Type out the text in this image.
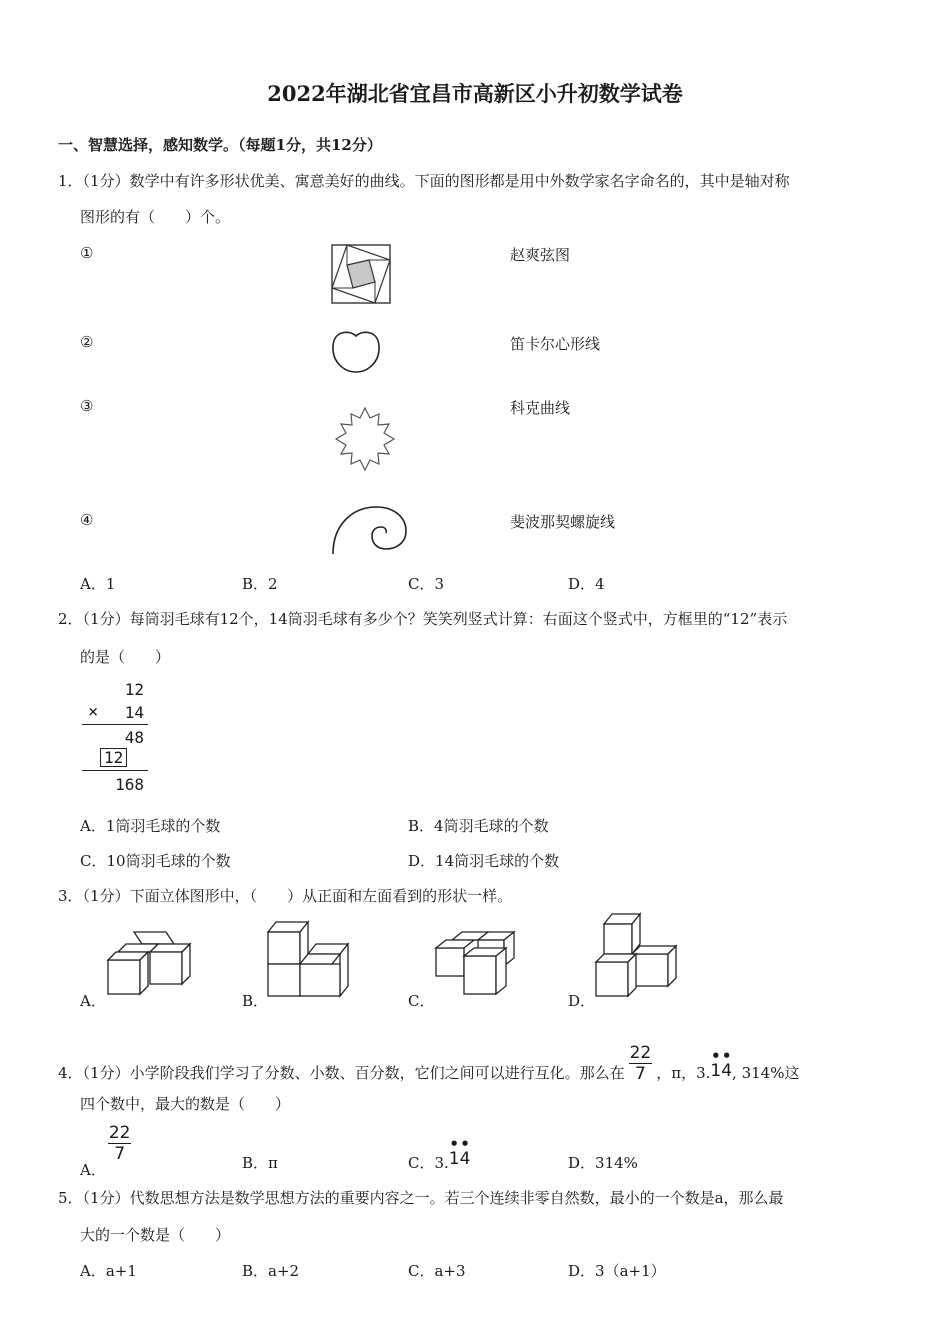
2022年湖北省宜昌市高新区小升初数学试卷
一、智慧选择，感知数学。（每题1分，共12分）
1．（1分）数学中有许多形状优美、寓意美好的曲线。下面的图形都是用中外数学家名字命名的，其中是轴对称
图形的有（　　）个。
①	赵爽弦图
②	笛卡尔心形线
③	科克曲线
④	斐波那契螺旋线
A．1	B．2	C．3	D．4
2．（1分）每筒羽毛球有12个，14筒羽毛球有多少个？笑笑列竖式计算：右面这个竖式中，方框里的“12”表示
的是（　　）
12
× 14
48
12
168
A．1筒羽毛球的个数	B．4筒羽毛球的个数
C．10筒羽毛球的个数	D．14筒羽毛球的个数
3．（1分）下面立体图形中，（　　）从正面和左面看到的形状一样。
A．	B．	C．	D．
4．（1分）小学阶段我们学习了分数、小数、百分数，它们之间可以进行互化。那么在 $\frac{22}{7}$ ，π，3.
• •
14, 314%这
四个数中，最大的数是（　　）
A．
$\frac{22}{7}$	B．π	C．3.
• •
14	D．314%
5．（1分）代数思想方法是数学思想方法的重要内容之一。若三个连续非零自然数，最小的一个数是a，那么最
大的一个数是（　　）
A．a+1	B．a+2	C．a+3	D．3（a+1）
